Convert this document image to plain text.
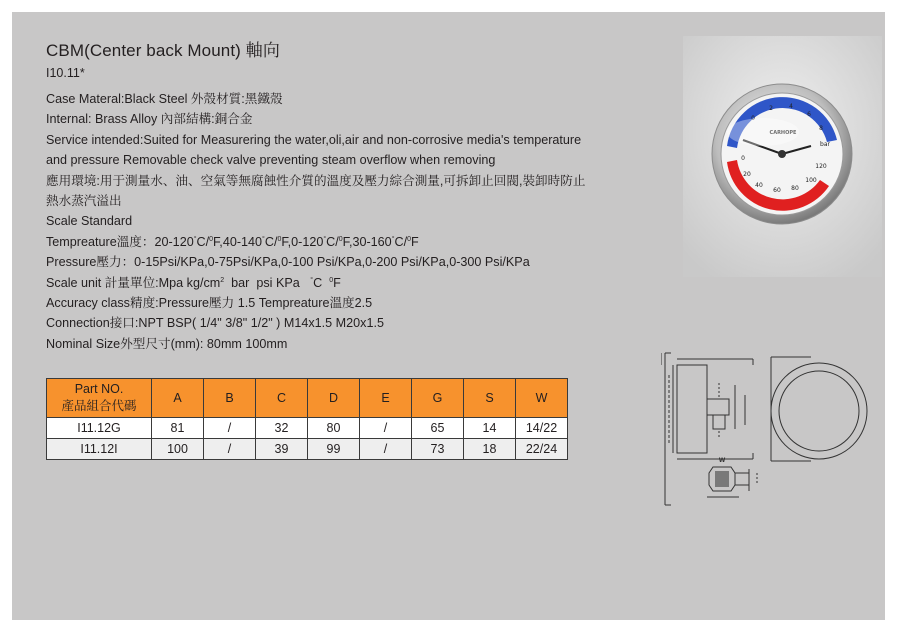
CBM(Center back Mount) 軸向
I10.11*
Case Materal:Black Steel 外殼材質:黑鐵殼
Internal: Brass Alloy 內部結構:銅合金
Service intended:Suited for Measurering the water,oli,air and non-corrosive media's temperature
and pressure Removable check valve preventing steam overflow when removing
應用環境:用于測量水、油、空氣等無腐蝕性介質的溫度及壓力綜合測量,可拆卸止回閥,裝卸時防止
熱水蒸汽溢出
Scale Standard
Tempreature溫度：20-120°C/$^0$F,40-140°C/$^0$F,0-120°C/$^0$F,30-160°C/$^0$F
Pressure壓力：0-15Psi/KPa,0-75Psi/KPa,0-100 Psi/KPa,0-200 Psi/KPa,0-300 Psi/KPa
Scale unit 計量單位:Mpa $kg/cm^2$  bar  psi KPa   °C  $^0$F
Accuracy class精度:Pressure壓力 1.5 Tempreature溫度2.5
Connection接口:NPT BSP( 1/4" 3/8" 1/2" ) M14x1.5 M20x1.5
Nominal Size外型尺寸(mm): 80mm 100mm
0
2	4
6
8
bar
CARHOPE
0
20
40
60 80
100
120
Part NO.
產品組合代碼	A	B	C	D	E	G	S	W
I11.12G	81	/	32	80	/	65	14	14/22
I11.12I	100	/	39	99	/	73	18	22/24
W
